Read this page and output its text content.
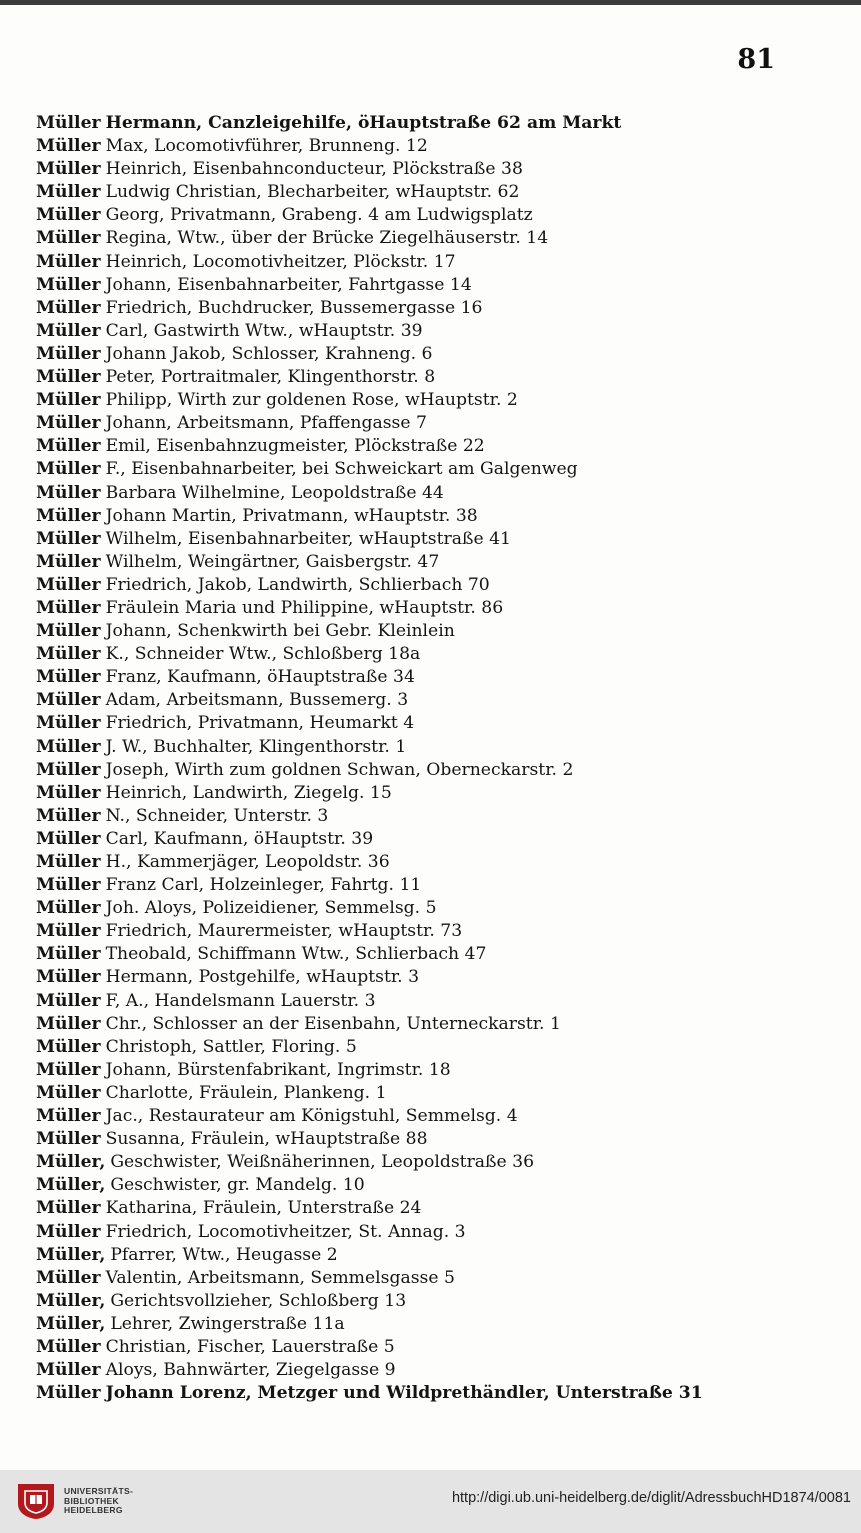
81
Müller Hermann, Canzleigehilfe, öHauptstraße 62 am Markt
Müller Max, Locomotivführer, Brunneng. 12
Müller Heinrich, Eisenbahnconducteur, Plöckstraße 38
Müller Ludwig Christian, Blecharbeiter, wHauptstr. 62
Müller Georg, Privatmann, Grabeng. 4 am Ludwigsplatz
Müller Regina, Wtw., über der Brücke Ziegelhäuserstr. 14
Müller Heinrich, Locomotivheitzer, Plöckstr. 17
Müller Johann, Eisenbahnarbeiter, Fahrtgasse 14
Müller Friedrich, Buchdrucker, Bussemergasse 16
Müller Carl, Gastwirth Wtw., wHauptstr. 39
Müller Johann Jakob, Schlosser, Krahneng. 6
Müller Peter, Portraitmaler, Klingenthorstr. 8
Müller Philipp, Wirth zur goldenen Rose, wHauptstr. 2
Müller Johann, Arbeitsmann, Pfaffengasse 7
Müller Emil, Eisenbahnzugmeister, Plöckstraße 22
Müller F., Eisenbahnarbeiter, bei Schweickart am Galgenweg
Müller Barbara Wilhelmine, Leopoldstraße 44
Müller Johann Martin, Privatmann, wHauptstr. 38
Müller Wilhelm, Eisenbahnarbeiter, wHauptstraße 41
Müller Wilhelm, Weingärtner, Gaisbergstr. 47
Müller Friedrich, Jakob, Landwirth, Schlierbach 70
Müller Fräulein Maria und Philippine, wHauptstr. 86
Müller Johann, Schenkwirth bei Gebr. Kleinlein
Müller K., Schneider Wtw., Schloßberg 18a
Müller Franz, Kaufmann, öHauptstraße 34
Müller Adam, Arbeitsmann, Bussemerg. 3
Müller Friedrich, Privatmann, Heumarkt 4
Müller J. W., Buchhalter, Klingenthorstr. 1
Müller Joseph, Wirth zum goldnen Schwan, Oberneckarstr. 2
Müller Heinrich, Landwirth, Ziegelg. 15
Müller N., Schneider, Unterstr. 3
Müller Carl, Kaufmann, öHauptstr. 39
Müller H., Kammerjäger, Leopoldstr. 36
Müller Franz Carl, Holzeinleger, Fahrtg. 11
Müller Joh. Aloys, Polizeidiener, Semmelsg. 5
Müller Friedrich, Maurermeister, wHauptstr. 73
Müller Theobald, Schiffmann Wtw., Schlierbach 47
Müller Hermann, Postgehilfe, wHauptstr. 3
Müller F, A., Handelsmann Lauerstr. 3
Müller Chr., Schlosser an der Eisenbahn, Unterneckarstr. 1
Müller Christoph, Sattler, Floring. 5
Müller Johann, Bürstenfabrikant, Ingrimstr. 18
Müller Charlotte, Fräulein, Plankeng. 1
Müller Jac., Restaurateur am Königstuhl, Semmelsg. 4
Müller Susanna, Fräulein, wHauptstraße 88
Müller, Geschwister, Weißnäherinnen, Leopoldstraße 36
Müller, Geschwister, gr. Mandelg. 10
Müller Katharina, Fräulein, Unterstraße 24
Müller Friedrich, Locomotivheitzer, St. Annag. 3
Müller, Pfarrer, Wtw., Heugasse 2
Müller Valentin, Arbeitsmann, Semmelsgasse 5
Müller, Gerichtsvollzieher, Schloßberg 13
Müller, Lehrer, Zwingerstraße 11a
Müller Christian, Fischer, Lauerstraße 5
Müller Aloys, Bahnwärter, Ziegelgasse 9
Müller Johann Lorenz, Metzger und Wildprethändler, Unterstraße 31
UNIVERSITÄTS-
BIBLIOTHEK
HEIDELBERG
http://digi.ub.uni-heidelberg.de/diglit/AdressbuchHD1874/0081
